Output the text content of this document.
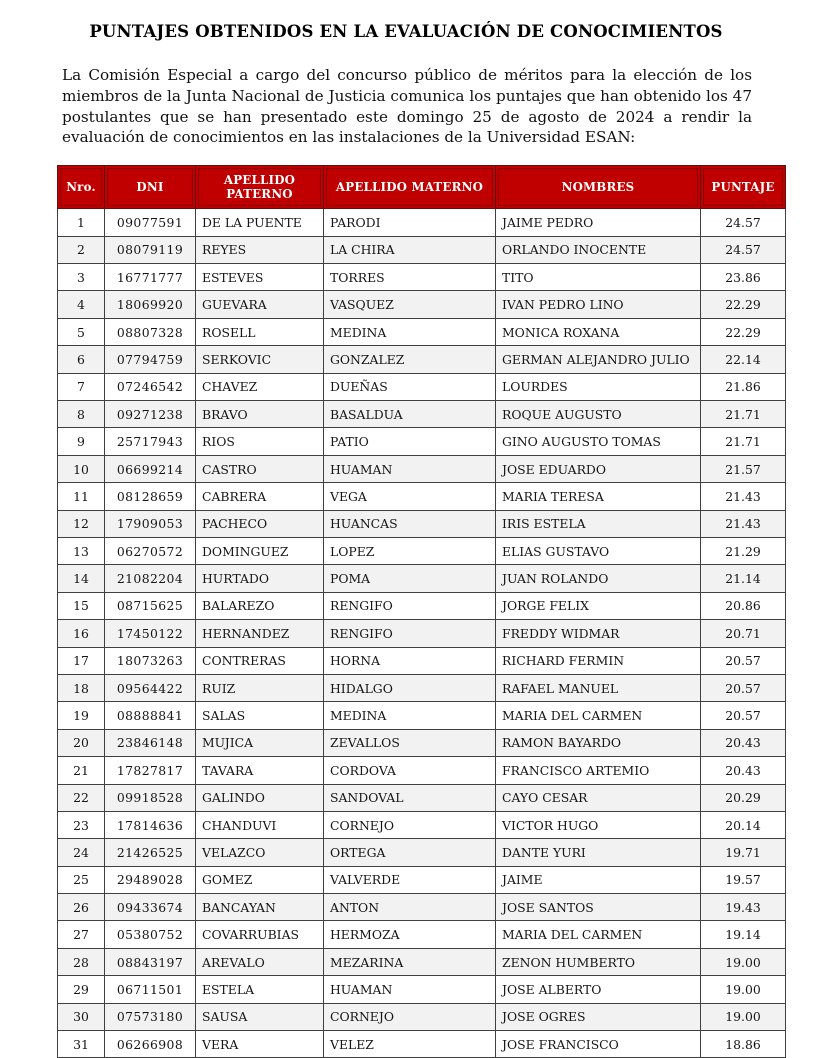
PUNTAJES OBTENIDOS EN LA EVALUACIÓN DE CONOCIMIENTOS

La Comisión Especial a cargo del concurso público de méritos para la elección de los miembros de la Junta Nacional de Justicia comunica los puntajes que han obtenido los 47 postulantes que se han presentado este domingo 25 de agosto de 2024 a rendir la evaluación de conocimientos en las instalaciones de la Universidad ESAN:

Nro.	DNI	APELLIDO PATERNO	APELLIDO MATERNO	NOMBRES	PUNTAJE
1	09077591	DE LA PUENTE	PARODI	JAIME PEDRO	24.57
2	08079119	REYES	LA CHIRA	ORLANDO INOCENTE	24.57
3	16771777	ESTEVES	TORRES	TITO	23.86
4	18069920	GUEVARA	VASQUEZ	IVAN PEDRO LINO	22.29
5	08807328	ROSELL	MEDINA	MONICA ROXANA	22.29
6	07794759	SERKOVIC	GONZALEZ	GERMAN ALEJANDRO JULIO	22.14
7	07246542	CHAVEZ	DUEÑAS	LOURDES	21.86
8	09271238	BRAVO	BASALDUA	ROQUE AUGUSTO	21.71
9	25717943	RIOS	PATIO	GINO AUGUSTO TOMAS	21.71
10	06699214	CASTRO	HUAMAN	JOSE EDUARDO	21.57
11	08128659	CABRERA	VEGA	MARIA TERESA	21.43
12	17909053	PACHECO	HUANCAS	IRIS ESTELA	21.43
13	06270572	DOMINGUEZ	LOPEZ	ELIAS GUSTAVO	21.29
14	21082204	HURTADO	POMA	JUAN ROLANDO	21.14
15	08715625	BALAREZO	RENGIFO	JORGE FELIX	20.86
16	17450122	HERNANDEZ	RENGIFO	FREDDY WIDMAR	20.71
17	18073263	CONTRERAS	HORNA	RICHARD FERMIN	20.57
18	09564422	RUIZ	HIDALGO	RAFAEL MANUEL	20.57
19	08888841	SALAS	MEDINA	MARIA DEL CARMEN	20.57
20	23846148	MUJICA	ZEVALLOS	RAMON BAYARDO	20.43
21	17827817	TAVARA	CORDOVA	FRANCISCO ARTEMIO	20.43
22	09918528	GALINDO	SANDOVAL	CAYO CESAR	20.29
23	17814636	CHANDUVI	CORNEJO	VICTOR HUGO	20.14
24	21426525	VELAZCO	ORTEGA	DANTE YURI	19.71
25	29489028	GOMEZ	VALVERDE	JAIME	19.57
26	09433674	BANCAYAN	ANTON	JOSE SANTOS	19.43
27	05380752	COVARRUBIAS	HERMOZA	MARIA DEL CARMEN	19.14
28	08843197	AREVALO	MEZARINA	ZENON HUMBERTO	19.00
29	06711501	ESTELA	HUAMAN	JOSE ALBERTO	19.00
30	07573180	SAUSA	CORNEJO	JOSE OGRES	19.00
31	06266908	VERA	VELEZ	JOSE FRANCISCO	18.86
